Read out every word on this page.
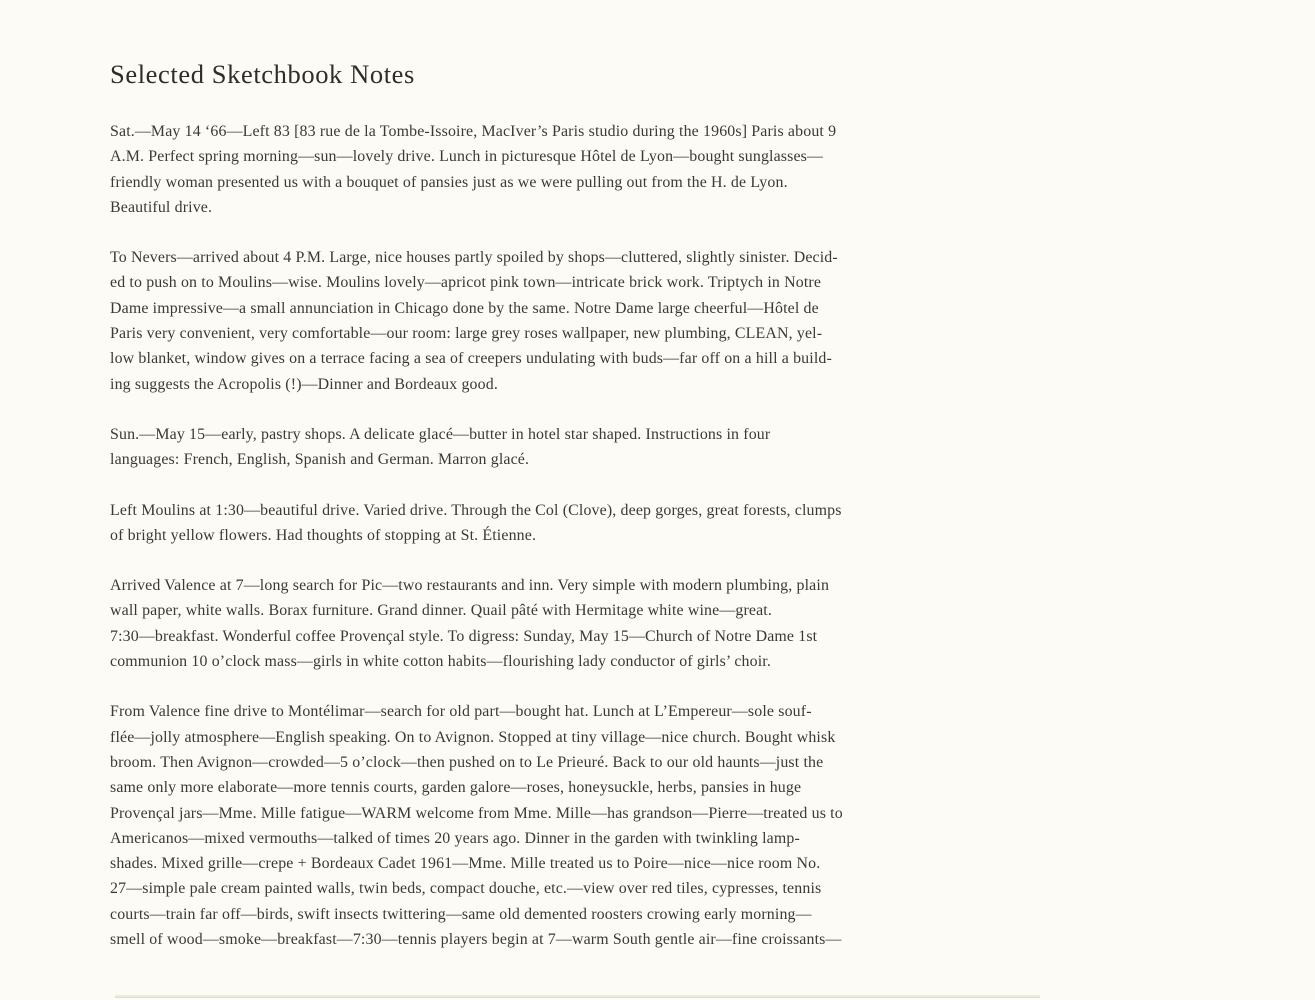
Selected Sketchbook Notes
Sat.—May 14 ‘66—Left 83 [83 rue de la Tombe-Issoire, MacIver’s Paris studio during the 1960s] Paris about 9
A.M. Perfect spring morning—sun—lovely drive. Lunch in picturesque Hôtel de Lyon—bought sunglasses—
friendly woman presented us with a bouquet of pansies just as we were pulling out from the H. de Lyon.
Beautiful drive.
To Nevers—arrived about 4 P.M. Large, nice houses partly spoiled by shops—cluttered, slightly sinister. Decid-
ed to push on to Moulins—wise. Moulins lovely—apricot pink town—intricate brick work. Triptych in Notre
Dame impressive—a small annunciation in Chicago done by the same. Notre Dame large cheerful—Hôtel de
Paris very convenient, very comfortable—our room: large grey roses wallpaper, new plumbing, CLEAN, yel-
low blanket, window gives on a terrace facing a sea of creepers undulating with buds—far off on a hill a build-
ing suggests the Acropolis (!)—Dinner and Bordeaux good.
Sun.—May 15—early, pastry shops. A delicate glacé—butter in hotel star shaped. Instructions in four
languages: French, English, Spanish and German. Marron glacé.
Left Moulins at 1:30—beautiful drive. Varied drive. Through the Col (Clove), deep gorges, great forests, clumps
of bright yellow flowers. Had thoughts of stopping at St. Étienne.
Arrived Valence at 7—long search for Pic—two restaurants and inn. Very simple with modern plumbing, plain
wall paper, white walls. Borax furniture. Grand dinner. Quail pâté with Hermitage white wine—great.
7:30—breakfast. Wonderful coffee Provençal style. To digress: Sunday, May 15—Church of Notre Dame 1st
communion 10 o’clock mass—girls in white cotton habits—flourishing lady conductor of girls’ choir.
From Valence fine drive to Montélimar—search for old part—bought hat. Lunch at L’Empereur—sole souf-
flée—jolly atmosphere—English speaking. On to Avignon. Stopped at tiny village—nice church. Bought whisk
broom. Then Avignon—crowded—5 o’clock—then pushed on to Le Prieuré. Back to our old haunts—just the
same only more elaborate—more tennis courts, garden galore—roses, honeysuckle, herbs, pansies in huge
Provençal jars—Mme. Mille fatigue—WARM welcome from Mme. Mille—has grandson—Pierre—treated us to
Americanos—mixed vermouths—talked of times 20 years ago. Dinner in the garden with twinkling lamp-
shades. Mixed grille—crepe + Bordeaux Cadet 1961—Mme. Mille treated us to Poire—nice—nice room No.
27—simple pale cream painted walls, twin beds, compact douche, etc.—view over red tiles, cypresses, tennis
courts—train far off—birds, swift insects twittering—same old demented roosters crowing early morning—
smell of wood—smoke—breakfast—7:30—tennis players begin at 7—warm South gentle air—fine croissants—
